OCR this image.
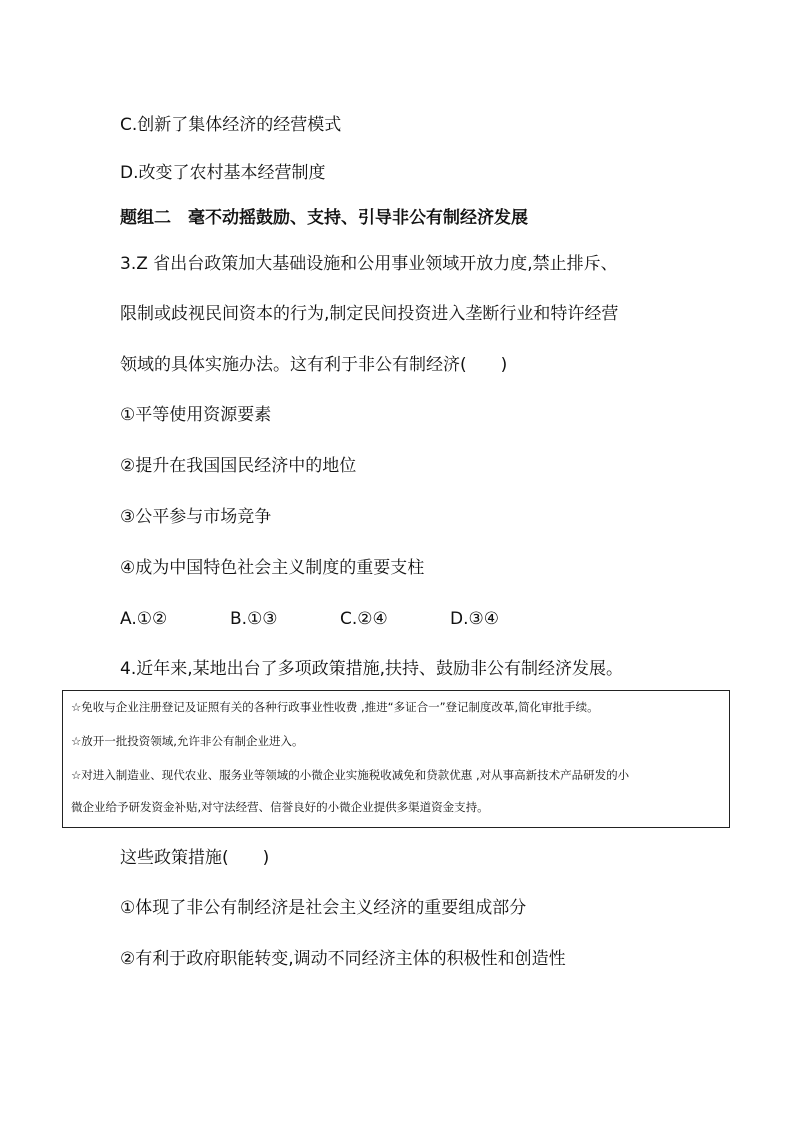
C.创新了集体经济的经营模式
D.改变了农村基本经营制度
题组二　毫不动摇鼓励、支持、引导非公有制经济发展
3.Z 省出台政策加大基础设施和公用事业领域开放力度,禁止排斥、
限制或歧视民间资本的行为,制定民间投资进入垄断行业和特许经营
领域的具体实施办法。这有利于非公有制经济(　　)
①平等使用资源要素
②提升在我国国民经济中的地位
③公平参与市场竞争
④成为中国特色社会主义制度的重要支柱
A.①②	B.①③	C.②④	D.③④
4.近年来,某地出台了多项政策措施,扶持、鼓励非公有制经济发展。
☆免收与企业注册登记及证照有关的各种行政事业性收费 ,推进“多证合一”登记制度改革,简化审批手续。
☆放开一批投资领域,允许非公有制企业进入。
☆对进入制造业、现代农业、服务业等领域的小微企业实施税收减免和贷款优惠 ,对从事高新技术产品研发的小
微企业给予研发资金补贴,对守法经营、信誉良好的小微企业提供多渠道资金支持。
这些政策措施(　　)
①体现了非公有制经济是社会主义经济的重要组成部分
②有利于政府职能转变,调动不同经济主体的积极性和创造性
